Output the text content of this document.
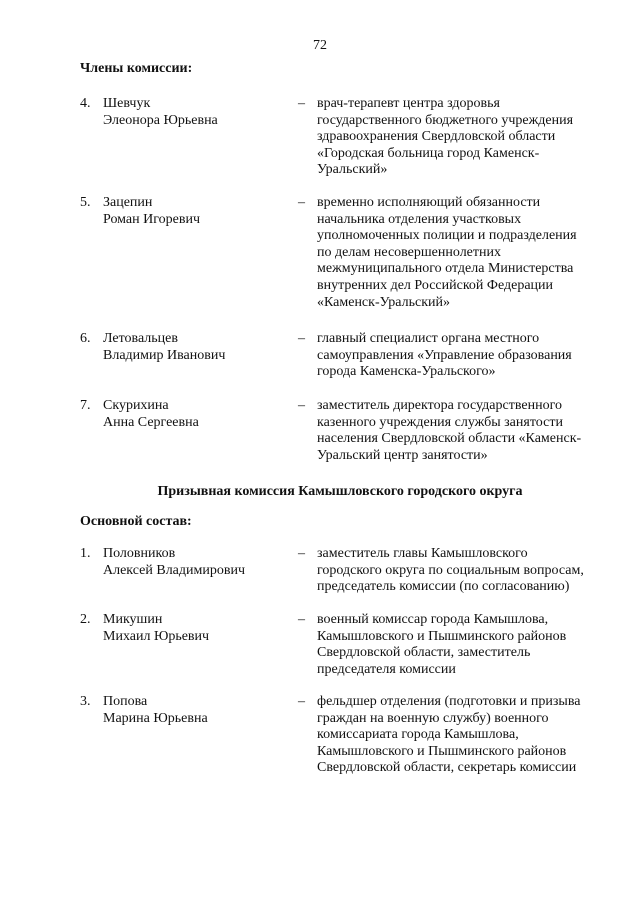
72
Члены комиссии:
4. Шевчук
Элеонора Юрьевна
– врач-терапевт центра здоровья
государственного бюджетного учреждения
здравоохранения Свердловской области
«Городская больница город Каменск-
Уральский»
5. Зацепин
Роман Игоревич
– временно исполняющий обязанности
начальника отделения участковых
уполномоченных полиции и подразделения
по делам несовершеннолетних
межмуниципального отдела Министерства
внутренних дел Российской Федерации
«Каменск-Уральский»
6. Летовальцев
Владимир Иванович
– главный специалист органа местного
самоуправления «Управление образования
города Каменска-Уральского»
7. Скурихина
Анна Сергеевна
– заместитель директора государственного
казенного учреждения службы занятости
населения Свердловской области «Каменск-
Уральский центр занятости»
Призывная комиссия Камышловского городского округа
Основной состав:
1. Половников
Алексей Владимирович
– заместитель главы Камышловского
городского округа по социальным вопросам,
председатель комиссии (по согласованию)
2. Микушин
Михаил Юрьевич
– военный комиссар города Камышлова,
Камышловского и Пышминского районов
Свердловской области, заместитель
председателя комиссии
3. Попова
Марина Юрьевна
– фельдшер отделения (подготовки и призыва
граждан на военную службу) военного
комиссариата города Камышлова,
Камышловского и Пышминского районов
Свердловской области, секретарь комиссии
